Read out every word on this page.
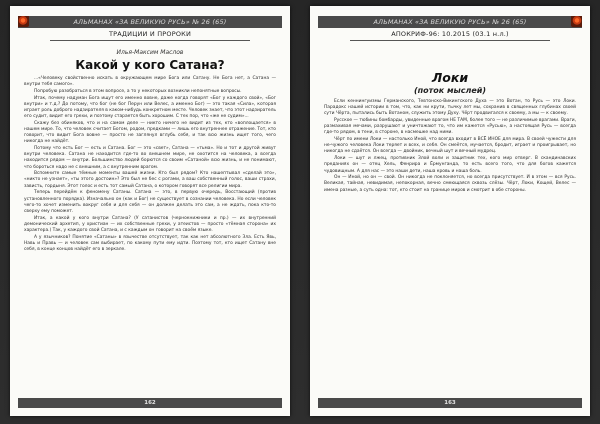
АЛЬМАНАХ «ЗА ВЕЛИКУЮ РУСЬ» № 26 (65)
ТРАДИЦИИ И ПРОРОКИ
Илья-Максим Маслов
Какой у кого Сатана?

...«Человеку свойственно искать в окружающем мире Бога или Сатану. Не Бога нет, а Сатана — внутри тебя самого».

Попробую разобраться в этом вопросе, а то у некоторых возникли непонятные вопросы.

Итак, почему надуман Бога ищут его именно вовне, даже когда говорят «Бог у каждого свой», «Бог внутри» и т.д.? До потому, что бог (не бог Перун или Велес, а именно Бог) — это такая «Сила», которая играет роль доброго надзирателя в каком-нибудь конкретном месте. Человек знает, что этот надзиратель его судит, видит его грехи, и поэтому старается быть хорошим. С тех пор, что «же не судим»...

Скажу без обиняков, что и на самом деле — никто ничего не видит из тех, кто «воплощается» в нашем мире. То, что человек считает Богом, родом, предками — лишь его внутреннее отражение. Тот, кто говорит, что видит Бога вовне — просто не заглянул вглубь себя, и так всю жизнь ищет того, чего никогда не найдёт.

Потому что есть Бог — есть и Сатана. Бог — это «свет», Сатана — «тьма». Но и тот и другой живут внутри человека. Сатана не находится где-то во внешнем мире, не охотится на человека, а всегда находится рядом — внутри. Большинство людей борются со своим «Сатаной» всю жизнь, и не понимают, что бороться надо не с внешним, а с внутренним врагом.

Вспомните самые тёмные моменты вашей жизни. Кто был рядом? Кто нашептывал «сделай это», «никто не узнает», «ты этого достоин»? Это был не бес с рогами, а ваш собственный голос, ваши страхи, зависть, гордыня. Этот голос и есть тот самый Сатана, о котором говорят все религии мира.

Теперь перейдём к феномену Сатаны. Сатана — это, в первую очередь, Восстающий (против установленного порядка). Изначально он (как и Бог) не существует в сознании человека. Но если человек чего-то хочет изменить вокруг себя и для себя — он должен делать это сам, а не ждать, пока кто-то сверху ему поможет.

Итак, а какой у кого внутри Сатана? (У сатанистов (чернокнижники и пр.) — их внутренний демонический архетип, у христиан — их собственные грехи, у атеистов — просто «тёмная сторона» их характера.) Так, у каждого свой Сатана, и с каждым он говорит на своём языке.

А у язычников? Понятие «Сатаны» в язычестве отсутствует, так как нет абсолютного Зла. Есть Явь, Навь и Правь — и человек сам выбирает, по какому пути ему идти. Поэтому тот, кто ищет Сатану вне себя, в конце концов найдёт его в зеркале.

162
АЛЬМАНАХ «ЗА ВЕЛИКУЮ РУСЬ» № 26 (65)
АПОКРИФ-96: 10.2015 (03.1 н.л.)
Локи
(поток мыслей)

Если кеннингуизмы Германского, Тевтонско-Викингского Духа — это Вотан, то Русь — это Локи. Парадокс нашей истории в том, что, как ни крути, тычку лет мы, сохранив в священных глубинах своей сути Чёрта, пытались быть Вотаном, служить этому Духу. Чёрт продвигался к своему, а мы — к своему.

Русское — тюбины бомбарды, увиденные врагом НЕ ТАМ, более того — не различимые врагами. Враги, размахивая мечами, разрушают и уничтожают то, что им кажется «Русью», а настоящая Русь — всегда где-то рядом, в тени, в стороне, в насмешке над ними.

Чёрт по имени Локи — настолько Иной, что всегда входит в ВСЁ ИНОЕ для мира. В своей чужести для не-чужого человека Локи теряет и всех, и себя. Он смеётся, мучается, бродит, играет и проигрывает, но никогда не сдаётся. Он всегда — двойник, вечный шут и вечный мудрец.

Локи — шут и лжец, противник Злой воли и защитник тех, кого мир отверг. В скандинавских преданиях он — отец Хель, Фенрира и Ёрмунганда, то есть всего того, что для богов кажется чудовищным. А для нас — это наши дети, наша кровь и наша боль.

Он — Иной, но он — свой. Он никогда не поклоняется, но всегда присутствует. И в этом — вся Русь. Великая, тайная, невидимая, непокорная, вечно смеющаяся сквозь слёзы. Чёрт, Локи, Кощей, Велес — имена разные, а суть одна: тот, кто стоит на границе миров и смотрит в обе стороны.

163
